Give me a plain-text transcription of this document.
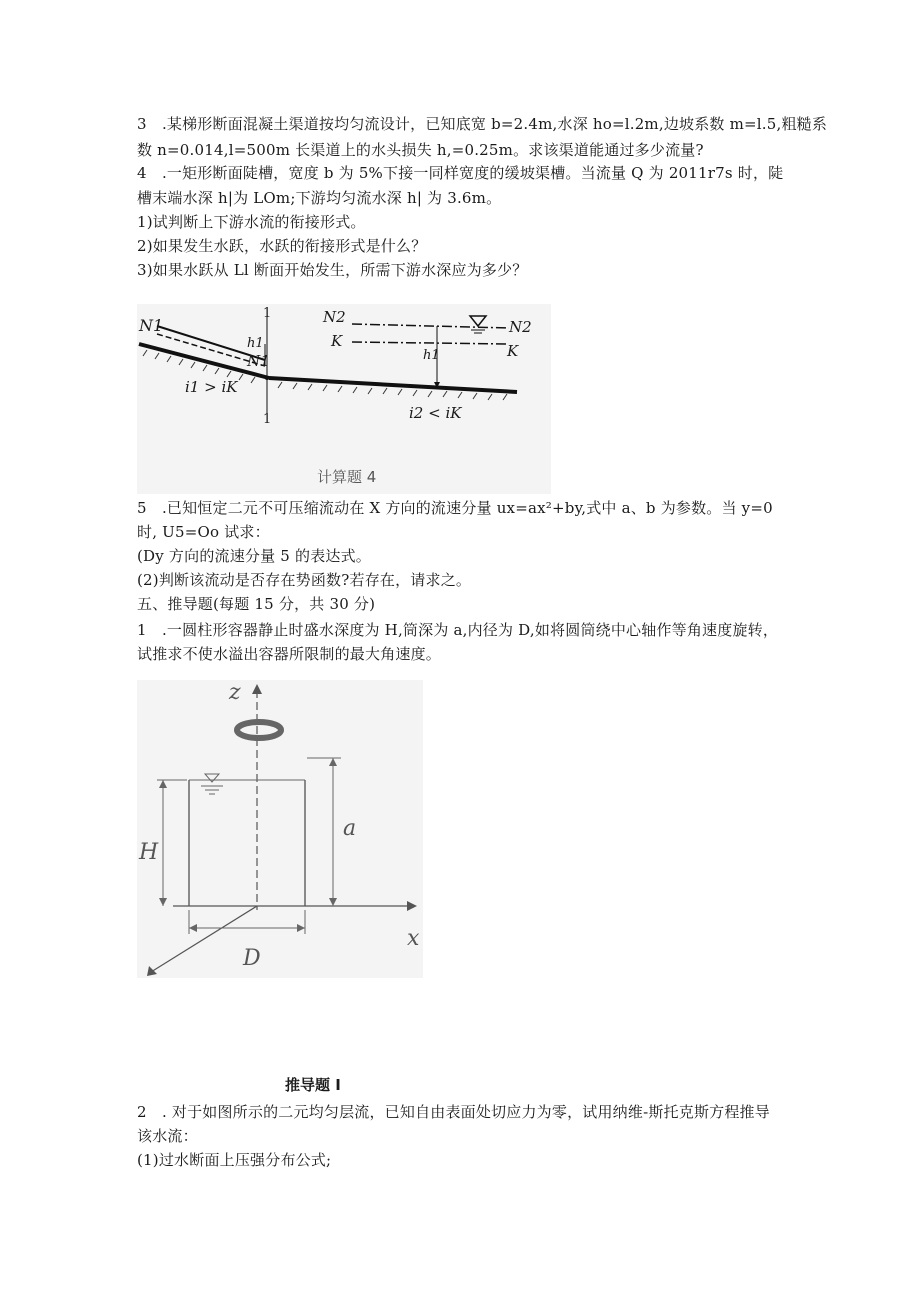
3　.某梯形断面混凝土渠道按均匀流设计，已知底宽 b=2.4m,水深 ho=l.2m,边坡系数 m=l.5,粗糙系
数 n=0.014,l=500m 长渠道上的水头损失 h,=0.25m。求该渠道能通过多少流量?
4　.一矩形断面陡槽，宽度 b 为 5%下接一同样宽度的缓坡渠槽。当流量 Q 为 2011r7s 时，陡
槽末端水深 h|为 LOm;下游均匀流水深 h| 为 3.6m。
1)试判断上下游水流的衔接形式。
2)如果发生水跃，水跃的衔接形式是什么？
3)如果水跃从 Ll 断面开始发生，所需下游水深应为多少？
N1
N1
N2
N2
K
K
h1
h1
1
1
i1 > iK
i2 < iK
计算题 4
5　.已知恒定二元不可压缩流动在 X 方向的流速分量 ux=ax²+by,式中 a、b 为参数。当 y=0
时, U5=Oo 试求：
(Dy 方向的流速分量 5 的表达式。
(2)判断该流动是否存在势函数?若存在，请求之。
五、推导题(每题 15 分，共 30 分)
1　.一圆柱形容器静止时盛水深度为 H,筒深为 a,内径为 D,如将圆筒绕中心轴作等角速度旋转，
试推求不使水溢出容器所限制的最大角速度。
z
x
H
a
D
推导题 I
2　. 对于如图所示的二元均匀层流，已知自由表面处切应力为零，试用纳维-斯托克斯方程推导
该水流：
(1)过水断面上压强分布公式;
